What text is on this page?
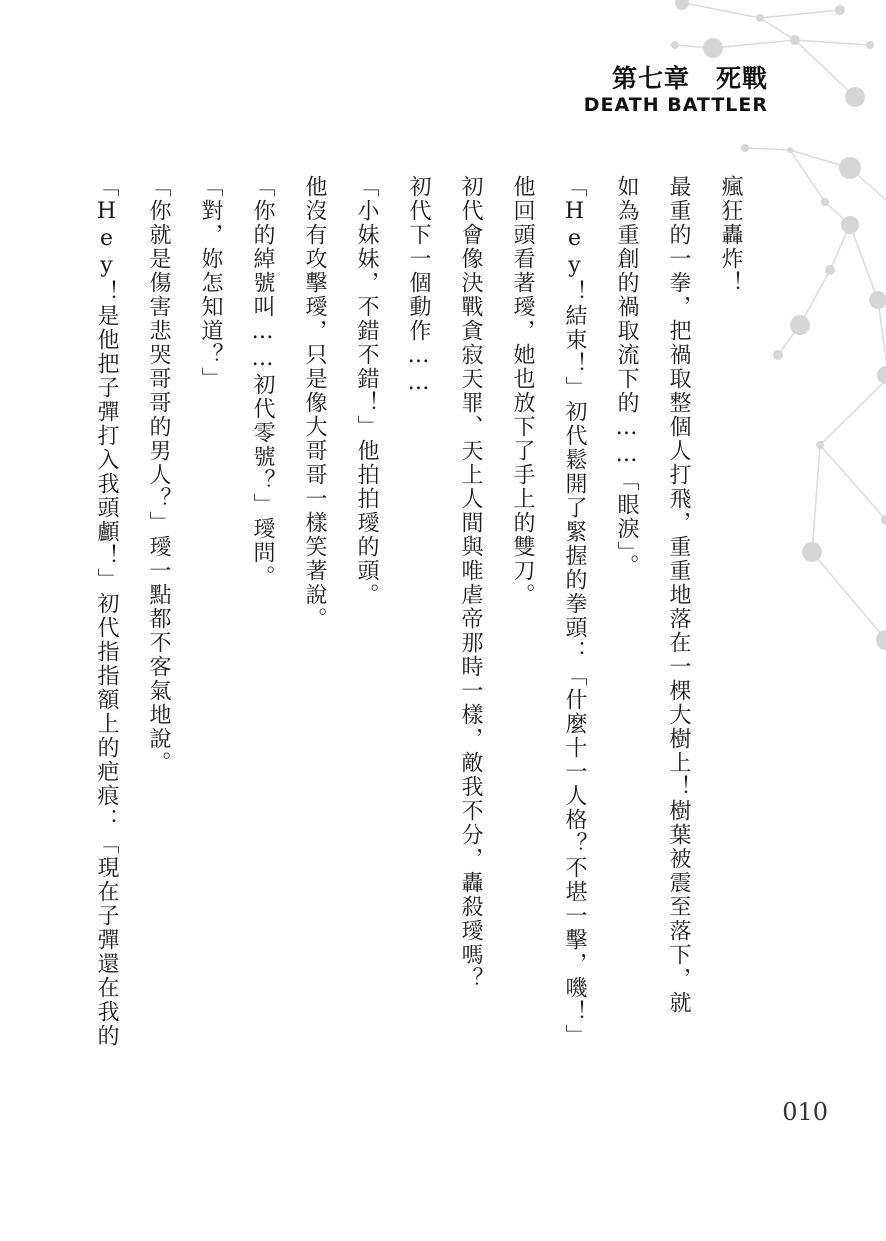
第七章　死戰
DEATH BATTLER
瘋狂轟炸！
最重的一拳，把禍取整個人打飛，重重地落在一棵大樹上！樹葉被震至落下，就
如為重創的禍取流下的……「眼淚」。
「Hey！結束！」初代鬆開了緊握的拳頭：「什麼十一人格？不堪一擊，嘰！」
他回頭看著璦，她也放下了手上的雙刀。
初代會像決戰貪寂天罪、天上人間與唯虐帝那時一樣，敵我不分，轟殺璦嗎？
初代下一個動作……
「小妹妹，不錯不錯！」他拍拍璦的頭。
他沒有攻擊璦，只是像大哥哥一樣笑著說。
「你的綽號叫……初代零號？」璦問。
「對，妳怎知道？」
「你就是傷害悲哭哥哥的男人？」璦一點都不客氣地說。
「Hey！是他把子彈打入我頭顱！」初代指指額上的疤痕：「現在子彈還在我的
010
